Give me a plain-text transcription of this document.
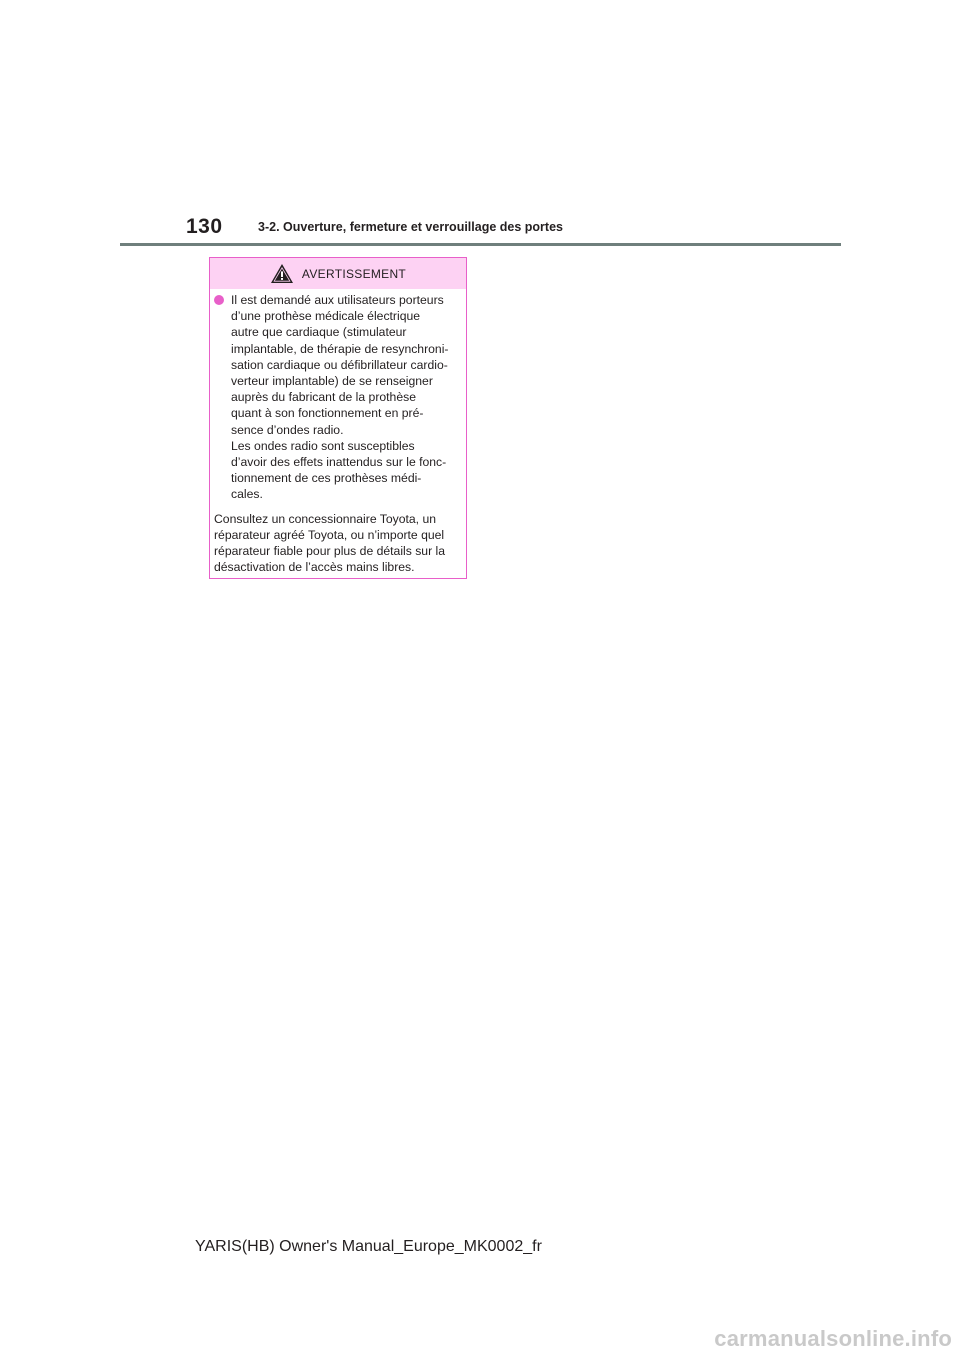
130	3-2. Ouverture, fermeture et verrouillage des portes
AVERTISSEMENT
Il est demandé aux utilisateurs porteurs
d’une prothèse médicale électrique
autre que cardiaque (stimulateur
implantable, de thérapie de resynchroni-
sation cardiaque ou défibrillateur cardio-
verteur implantable) de se renseigner
auprès du fabricant de la prothèse
quant à son fonctionnement en pré-
sence d’ondes radio.
Les ondes radio sont susceptibles
d’avoir des effets inattendus sur le fonc-
tionnement de ces prothèses médi-
cales.
Consultez un concessionnaire Toyota, un
réparateur agréé Toyota, ou n’importe quel
réparateur fiable pour plus de détails sur la
désactivation de l’accès mains libres.
YARIS(HB) Owner's Manual_Europe_MK0002_fr
carmanualsonline.info
